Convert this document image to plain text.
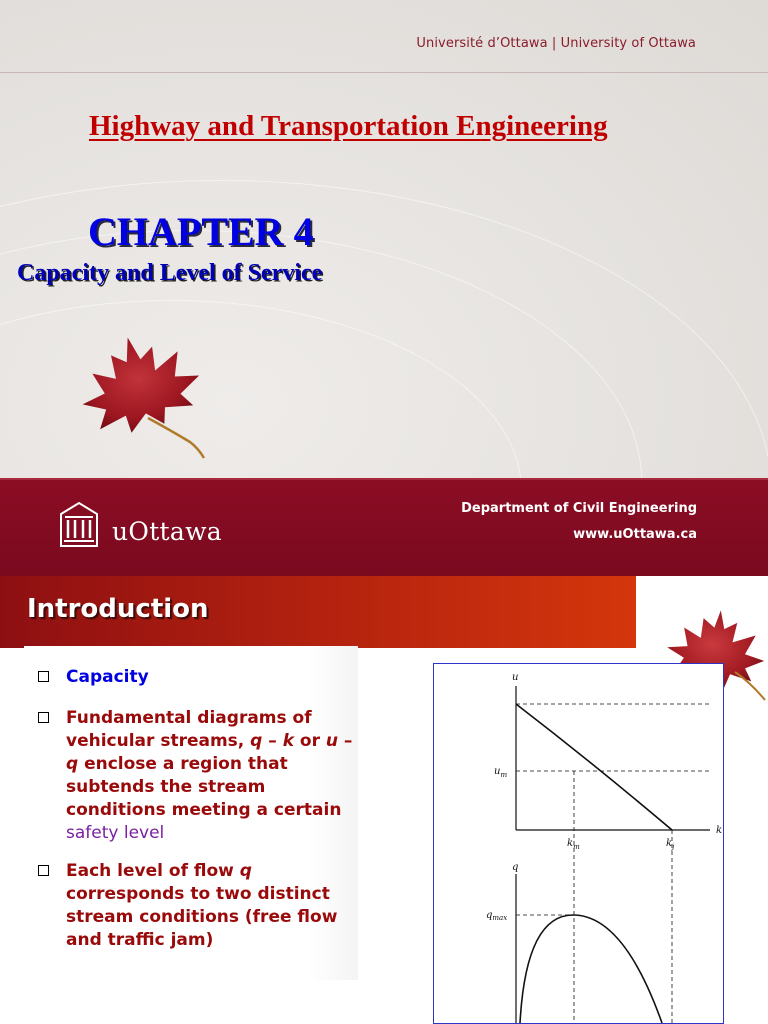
Université d’Ottawa | University of Ottawa
Highway and Transportation Engineering
CHAPTER 4
Capacity and Level of Service
uOttawa
Department of Civil Engineering
www.uOttawa.ca
Introduction
Capacity
Fundamental diagrams of vehicular streams, q – k or u – q enclose a region that subtends the stream conditions meeting a certain safety level
Each level of flow q corresponds to two distinct stream conditions (free flow and traffic jam)
u
$u_m$
k
$k_m$	$k_j$
q
$q_{max}$
